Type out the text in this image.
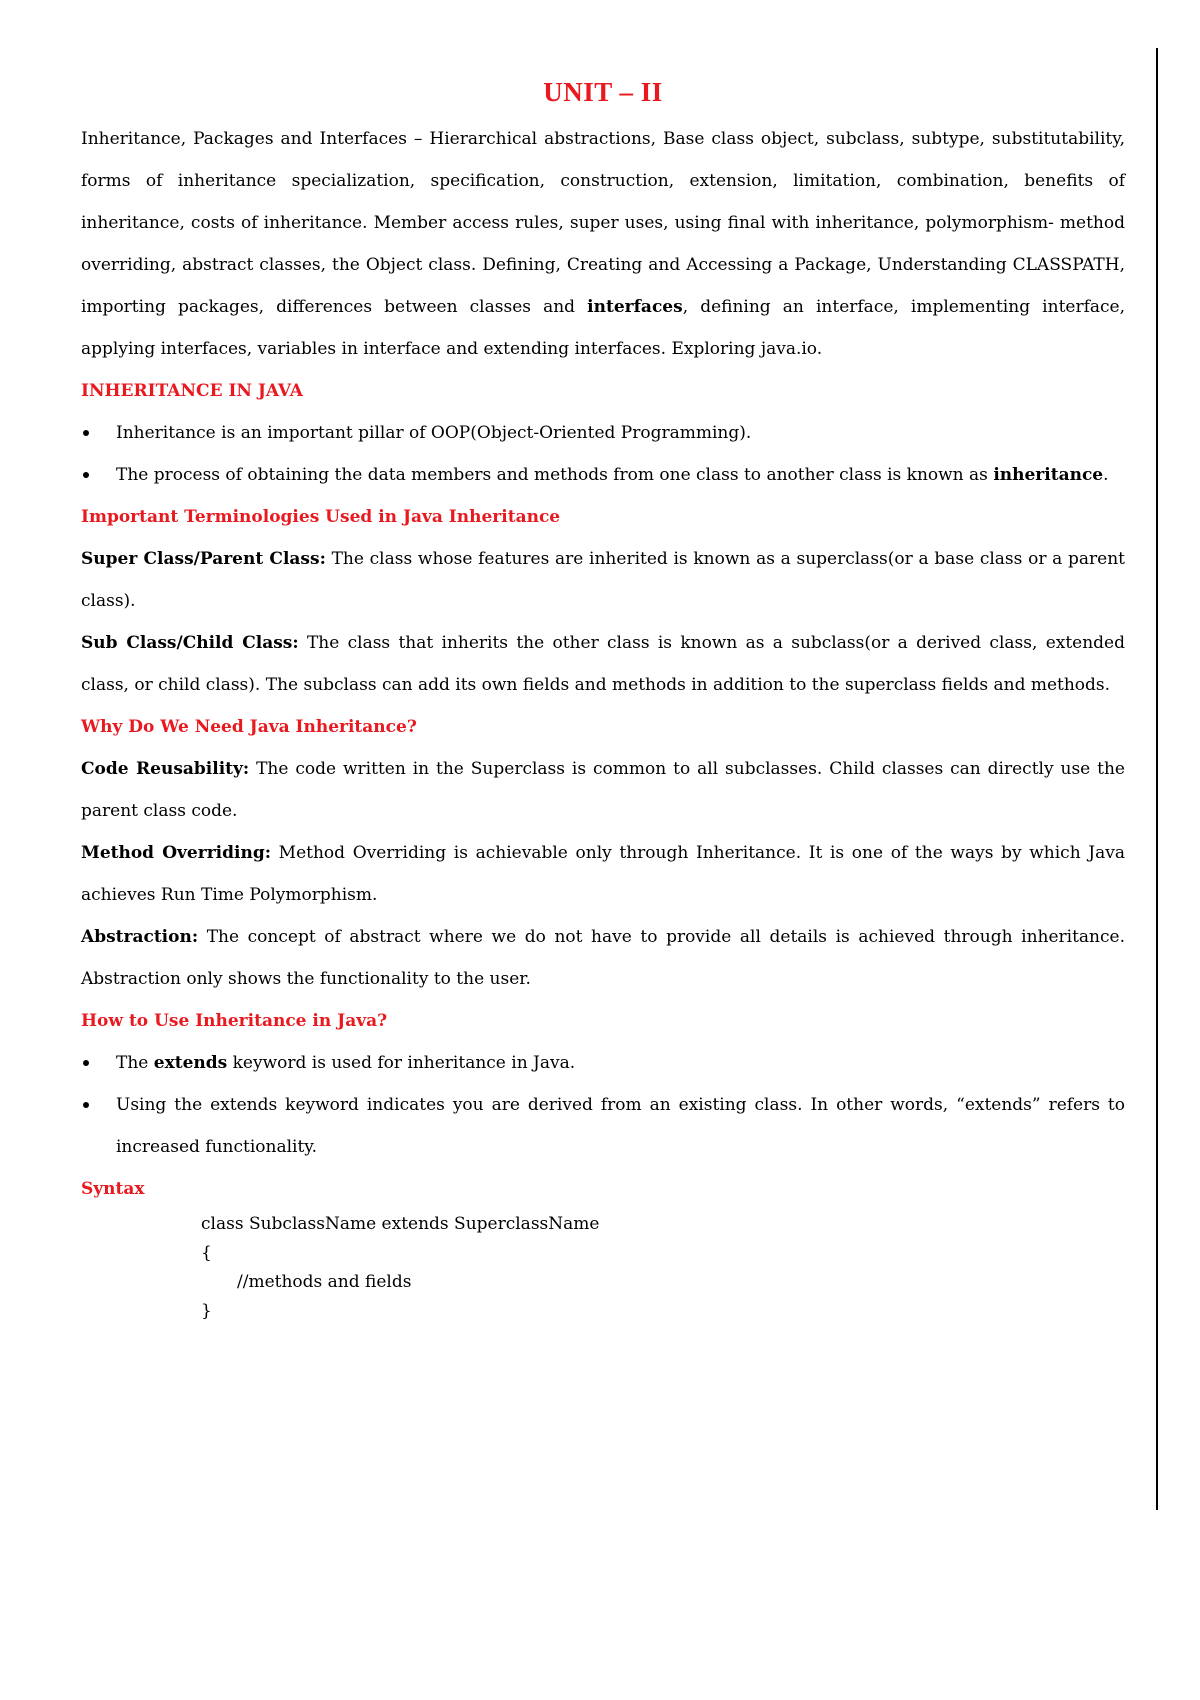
UNIT – II

Inheritance, Packages and Interfaces – Hierarchical abstractions, Base class object, subclass, subtype, substitutability, forms of inheritance specialization, specification, construction, extension, limitation, combination, benefits of inheritance, costs of inheritance. Member access rules, super uses, using final with inheritance, polymorphism- method overriding, abstract classes, the Object class. Defining, Creating and Accessing a Package, Understanding CLASSPATH, importing packages, differences between classes and interfaces, defining an interface, implementing interface, applying interfaces, variables in interface and extending interfaces. Exploring java.io.

INHERITANCE IN JAVA

Inheritance is an important pillar of OOP(Object-Oriented Programming).
The process of obtaining the data members and methods from one class to another class is known as inheritance.

Important Terminologies Used in Java Inheritance

Super Class/Parent Class: The class whose features are inherited is known as a superclass(or a base class or a parent class).

Sub Class/Child Class: The class that inherits the other class is known as a subclass(or a derived class, extended class, or child class). The subclass can add its own fields and methods in addition to the superclass fields and methods.

Why Do We Need Java Inheritance?

Code Reusability: The code written in the Superclass is common to all subclasses. Child classes can directly use the parent class code.

Method Overriding: Method Overriding is achievable only through Inheritance. It is one of the ways by which Java achieves Run Time Polymorphism.

Abstraction: The concept of abstract where we do not have to provide all details is achieved through inheritance. Abstraction only shows the functionality to the user.

How to Use Inheritance in Java?

The extends keyword is used for inheritance in Java.
Using the extends keyword indicates you are derived from an existing class. In other words, “extends” refers to increased functionality.

Syntax

class SubclassName extends SuperclassName
{
//methods and fields
}
